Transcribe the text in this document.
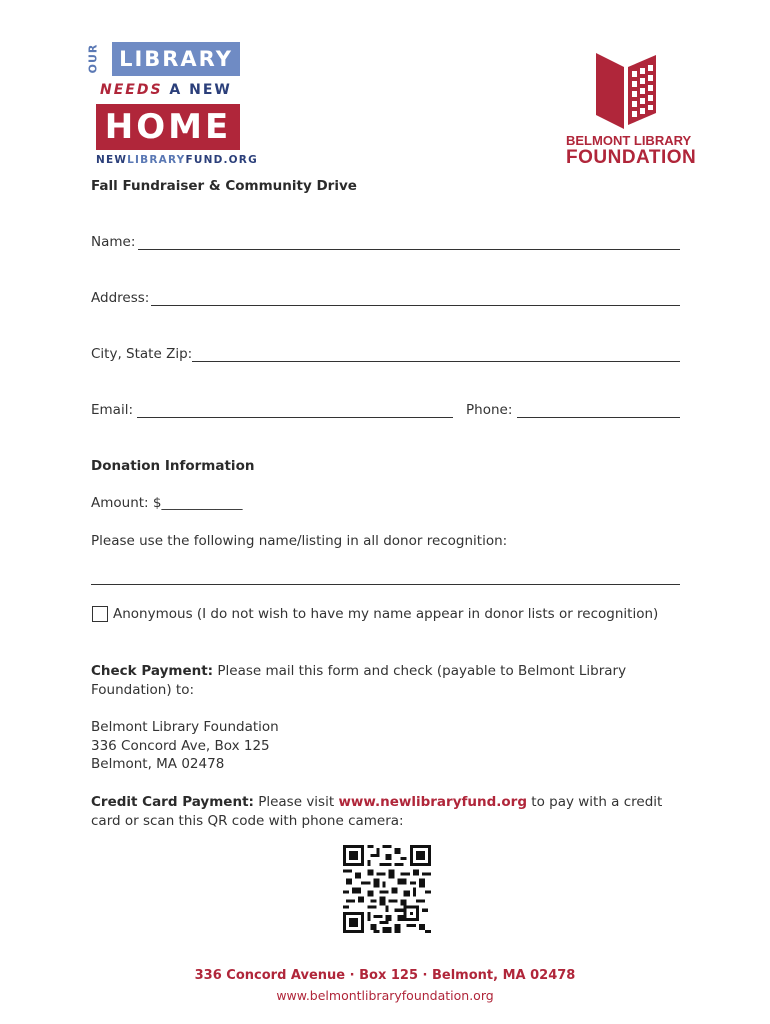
OUR LIBRARY
NEEDS A NEW
HOME
NEWLIBRARYFUND.ORG
BELMONT LIBRARY
FOUNDATION
Fall Fundraiser & Community Drive
Name:
Address:
City, State Zip:
Email:	Phone:
Donation Information
Amount: $____________
Please use the following name/listing in all donor recognition:
Anonymous (I do not wish to have my name appear in donor lists or recognition)
Check Payment: Please mail this form and check (payable to Belmont Library Foundation) to:
Belmont Library Foundation
336 Concord Ave, Box 125
Belmont, MA 02478
Credit Card Payment: Please visit www.newlibraryfund.org to pay with a credit card or scan this QR code with phone camera:
336 Concord Avenue · Box 125 · Belmont, MA 02478
www.belmontlibraryfoundation.org
